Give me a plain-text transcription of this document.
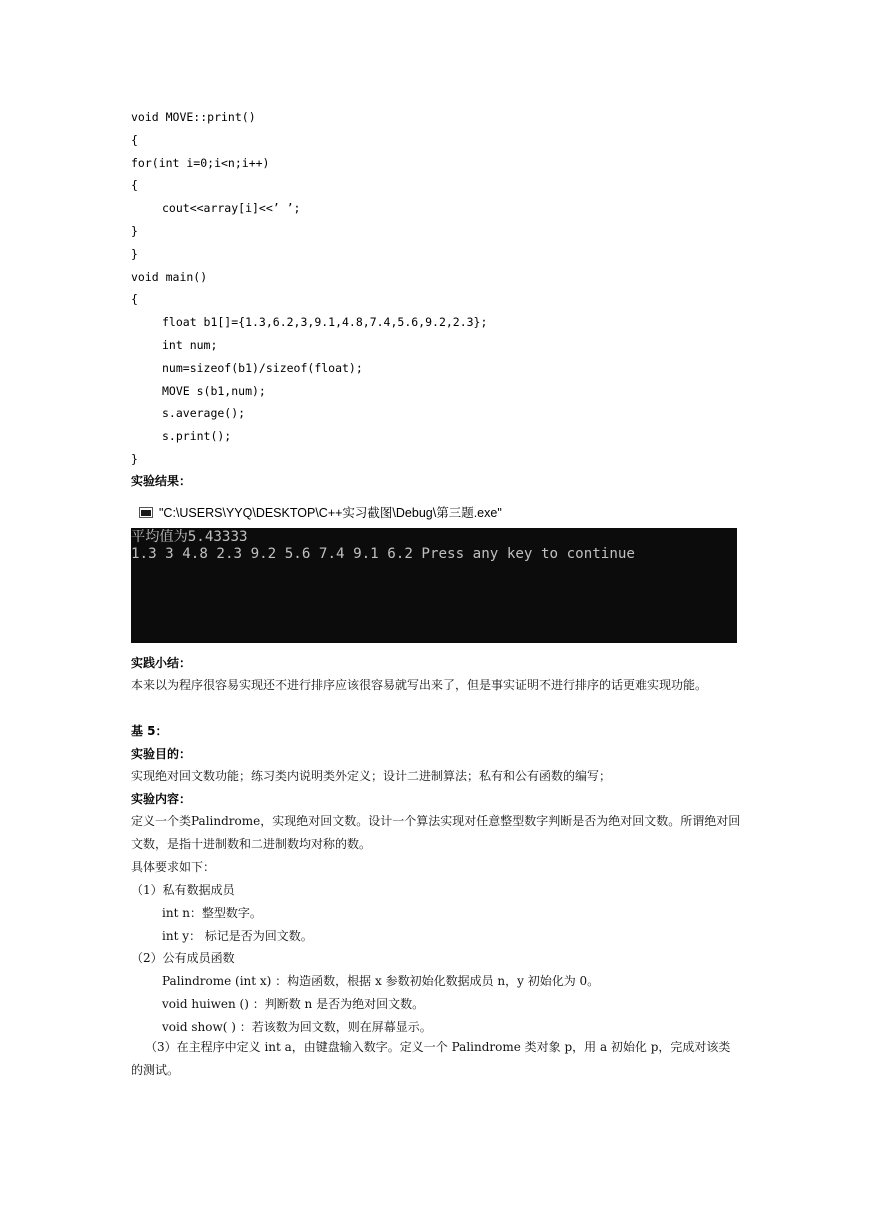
void MOVE::print()
{
for(int i=0;i<n;i++)
{
cout<<array[i]<<’ ’;
}
}
void main()
{
float b1[]={1.3,6.2,3,9.1,4.8,7.4,5.6,9.2,2.3};
int num;
num=sizeof(b1)/sizeof(float);
MOVE s(b1,num);
s.average();
s.print();
}
实验结果：
"C:\USERS\YYQ\DESKTOP\C++实习截图\Debug\第三题.exe"
平均值为5.43333
1.3 3 4.8 2.3 9.2 5.6 7.4 9.1 6.2 Press any key to continue
实践小结：
本来以为程序很容易实现还不进行排序应该很容易就写出来了，但是事实证明不进行排序的话更难实现功能。
基 5：
实验目的：
实现绝对回文数功能；练习类内说明类外定义；设计二进制算法；私有和公有函数的编写；
实验内容：
定义一个类Palindrome，实现绝对回文数。设计一个算法实现对任意整型数字判断是否为绝对回文数。所谓绝对回文数，是指十进制数和二进制数均对称的数。
具体要求如下：
（1）私有数据成员
int n：整型数字。
int y： 标记是否为回文数。
（2）公有成员函数
Palindrome (int x) ：构造函数，根据 x 参数初始化数据成员 n，y 初始化为 0。
void huiwen () ：判断数 n 是否为绝对回文数。
void show( ) ：若该数为回文数，则在屏幕显示。
（3）在主程序中定义 int a，由键盘输入数字。定义一个 Palindrome 类对象 p，用 a 初始化 p，完成对该类的测试。
